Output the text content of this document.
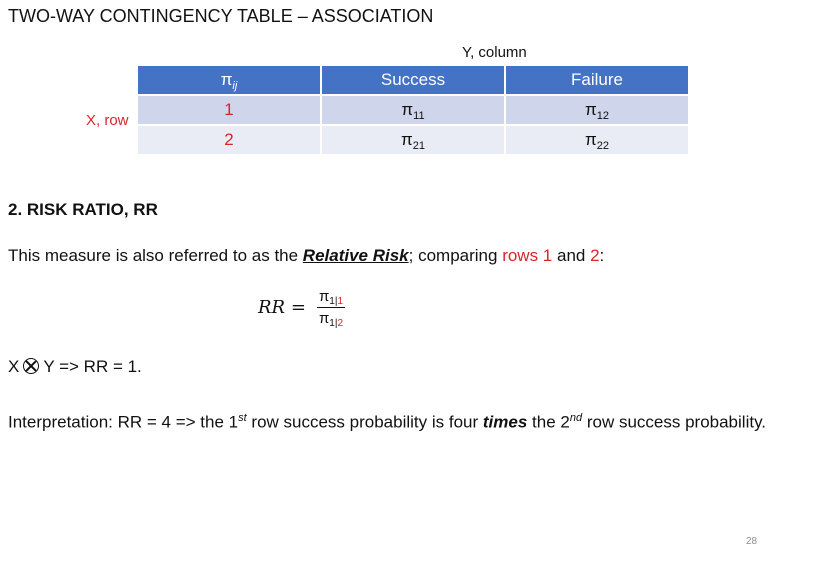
TWO-WAY CONTINGENCY TABLE – ASSOCIATION
Y, column
X, row
$\pi_{ij}$	Success	Failure
1	$\pi_{11}$	$\pi_{12}$
2	$\pi_{21}$	$\pi_{22}$
2. RISK RATIO, RR
This measure is also referred to as the Relative Risk; comparing rows 1 and 2:
RR = $\frac{\pi_{1|1}}{\pi_{1|2}}$
X Y => RR = 1.
Interpretation: RR = 4 => the 1st row success probability is four times the 2nd row success probability.
28
